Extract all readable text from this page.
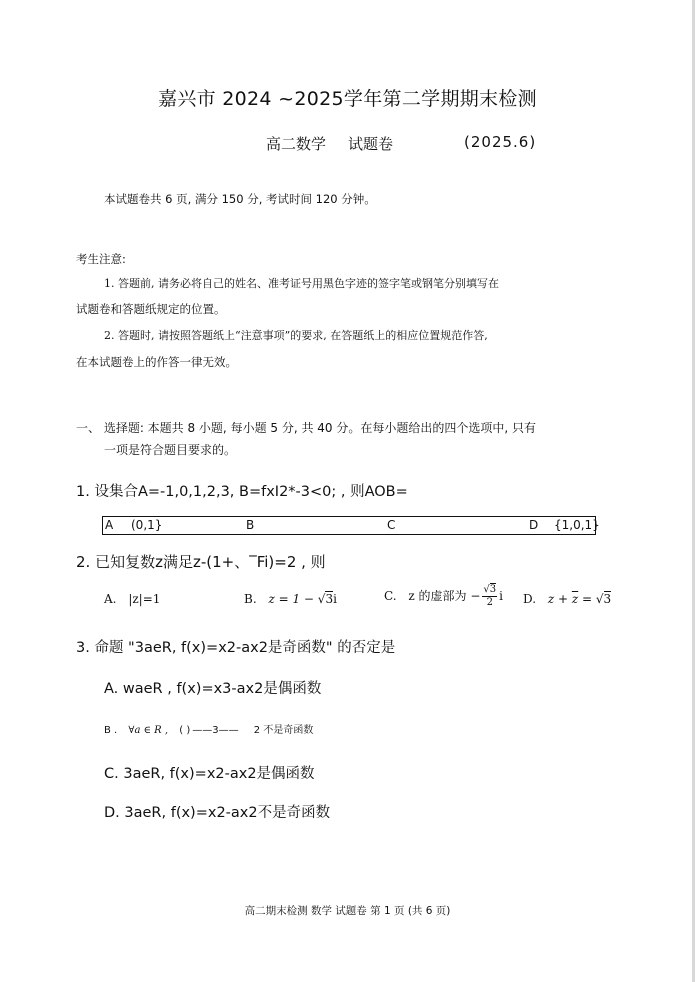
嘉兴市 2024 ~2025学年第二学期期末检测
高二数学 试题卷	(2025.6)
本试题卷共 6 页, 满分 150 分, 考试时间 120 分钟。
考生注意:
1. 答题前, 请务必将自己的姓名、准考证号用黑色字迹的签字笔或钢笔分别填写在
试题卷和答题纸规定的位置。
2. 答题时, 请按照答题纸上“注意事项”的要求, 在答题纸上的相应位置规范作答,
在本试题卷上的作答一律无效。
一、 选择题: 本题共 8 小题, 每小题 5 分, 共 40 分。在每小题给出的四个选项中, 只有
一项是符合题目要求的。
1. 设集合A=-1,0,1,2,3, B=fxI2*-3<0; , 则AOB=
A (0,1}	B	C	D {1,0,1}
2. 已知复数z满足z-(1+、‾Fi)=2 , 则
A. |z|=1	B. z = 1 − √3i	C. z 的虚部为 − $\frac{√3}{2}$ i D. $z + \overline{z} = √3$
3. 命题 "3aeR, f(x)=x2-ax2是奇函数" 的否定是
A. waeR , f(x)=x3-ax2是偶函数
B . ∀a ∈ R , ( ) ——3—— 2 不是奇函数
C. 3aeR, f(x)=x2-ax2是偶函数
D. 3aeR, f(x)=x2-ax2不是奇函数
高二期末检测 数学 试题卷 第 1 页 (共 6 页)
